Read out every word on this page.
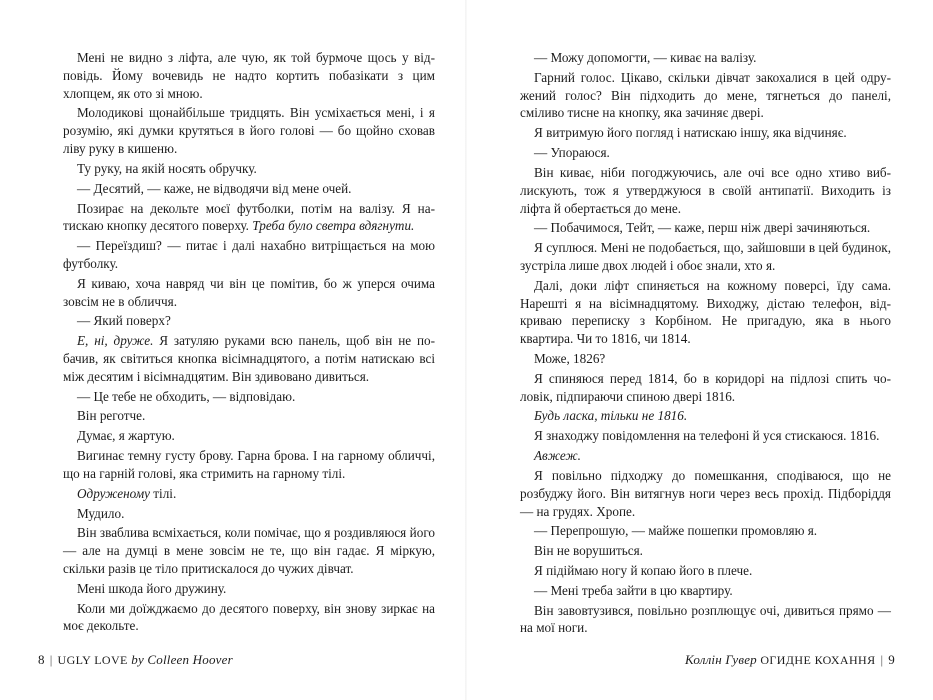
Мені не видно з ліфта, але чую, як той бурмоче щось у відповідь. Йому вочевидь не надто кортить побазікати з цим хлопцем, як ото зі мною.

Молодикові щонайбільше тридцять. Він усміхається мені, і я розумію, які думки крутяться в його голові — бо щойно сховав ліву руку в кишеню.

Ту руку, на якій носять обручку.

— Десятий, — каже, не відводячи від мене очей.

Позирає на декольте моєї футболки, потім на валізу. Я натискаю кнопку десятого поверху. Треба було светра вдягнути.

— Переїздиш? — питає і далі нахабно витріщається на мою футболку.

Я киваю, хоча навряд чи він це помітив, бо ж уперся очима зовсім не в обличчя.

— Який поверх?

Е, ні, друже. Я затуляю руками всю панель, щоб він не побачив, як світиться кнопка вісімнадцятого, а потім натискаю всі між десятим і вісімнадцятим. Він здивовано дивиться.

— Це тебе не обходить, — відповідаю.

Він реготче.

Думає, я жартую.

Вигинає темну густу брову. Гарна брова. І на гарному обличчі, що на гарній голові, яка стримить на гарному тілі.

Одруженому тілі.

Мудило.

Він зваблива всміхається, коли помічає, що я роздивляюся його — але на думці в мене зовсім не те, що він гадає. Я міркую, скільки разів це тіло притискалося до чужих дівчат.

Мені шкода його дружину.

Коли ми доїжджаємо до десятого поверху, він знову зиркає на моє декольте.

8 | UGLY LOVE by Colleen Hoover

— Можу допомогти, — киває на валізу.

Гарний голос. Цікаво, скільки дівчат закохалися в цей одружений голос? Він підходить до мене, тягнеться до панелі, сміливо тисне на кнопку, яка зачиняє двері.

Я витримую його погляд і натискаю іншу, яка відчиняє.

— Упораюся.

Він киває, ніби погоджуючись, але очі все одно хтиво виблискують, тож я утверджуюся в своїй антипатії. Виходить із ліфта й обертається до мене.

— Побачимося, Тейт, — каже, перш ніж двері зачиняються.

Я суплюся. Мені не подобається, що, зайшовши в цей будинок, зустріла лише двох людей і обоє знали, хто я.

Далі, доки ліфт спиняється на кожному поверсі, їду сама. Нарешті я на вісімнадцятому. Виходжу, дістаю телефон, відкриваю переписку з Корбіном. Не пригадую, яка в нього квартира. Чи то 1816, чи 1814.

Може, 1826?

Я спиняюся перед 1814, бо в коридорі на підлозі спить чоловік, підпираючи спиною двері 1816.

Будь ласка, тільки не 1816.

Я знаходжу повідомлення на телефоні й уся стискаюся. 1816.

Авжеж.

Я повільно підходжу до помешкання, сподіваюся, що не розбуджу його. Він витягнув ноги через весь прохід. Підборіддя — на грудях. Хропе.

— Перепрошую, — майже пошепки промовляю я.

Він не ворушиться.

Я підіймаю ногу й копаю його в плече.

— Мені треба зайти в цю квартиру.

Він завовтузився, повільно розплющує очі, дивиться прямо — на мої ноги.

Коллін Гувер ОГИДНЕ КОХАННЯ | 9
